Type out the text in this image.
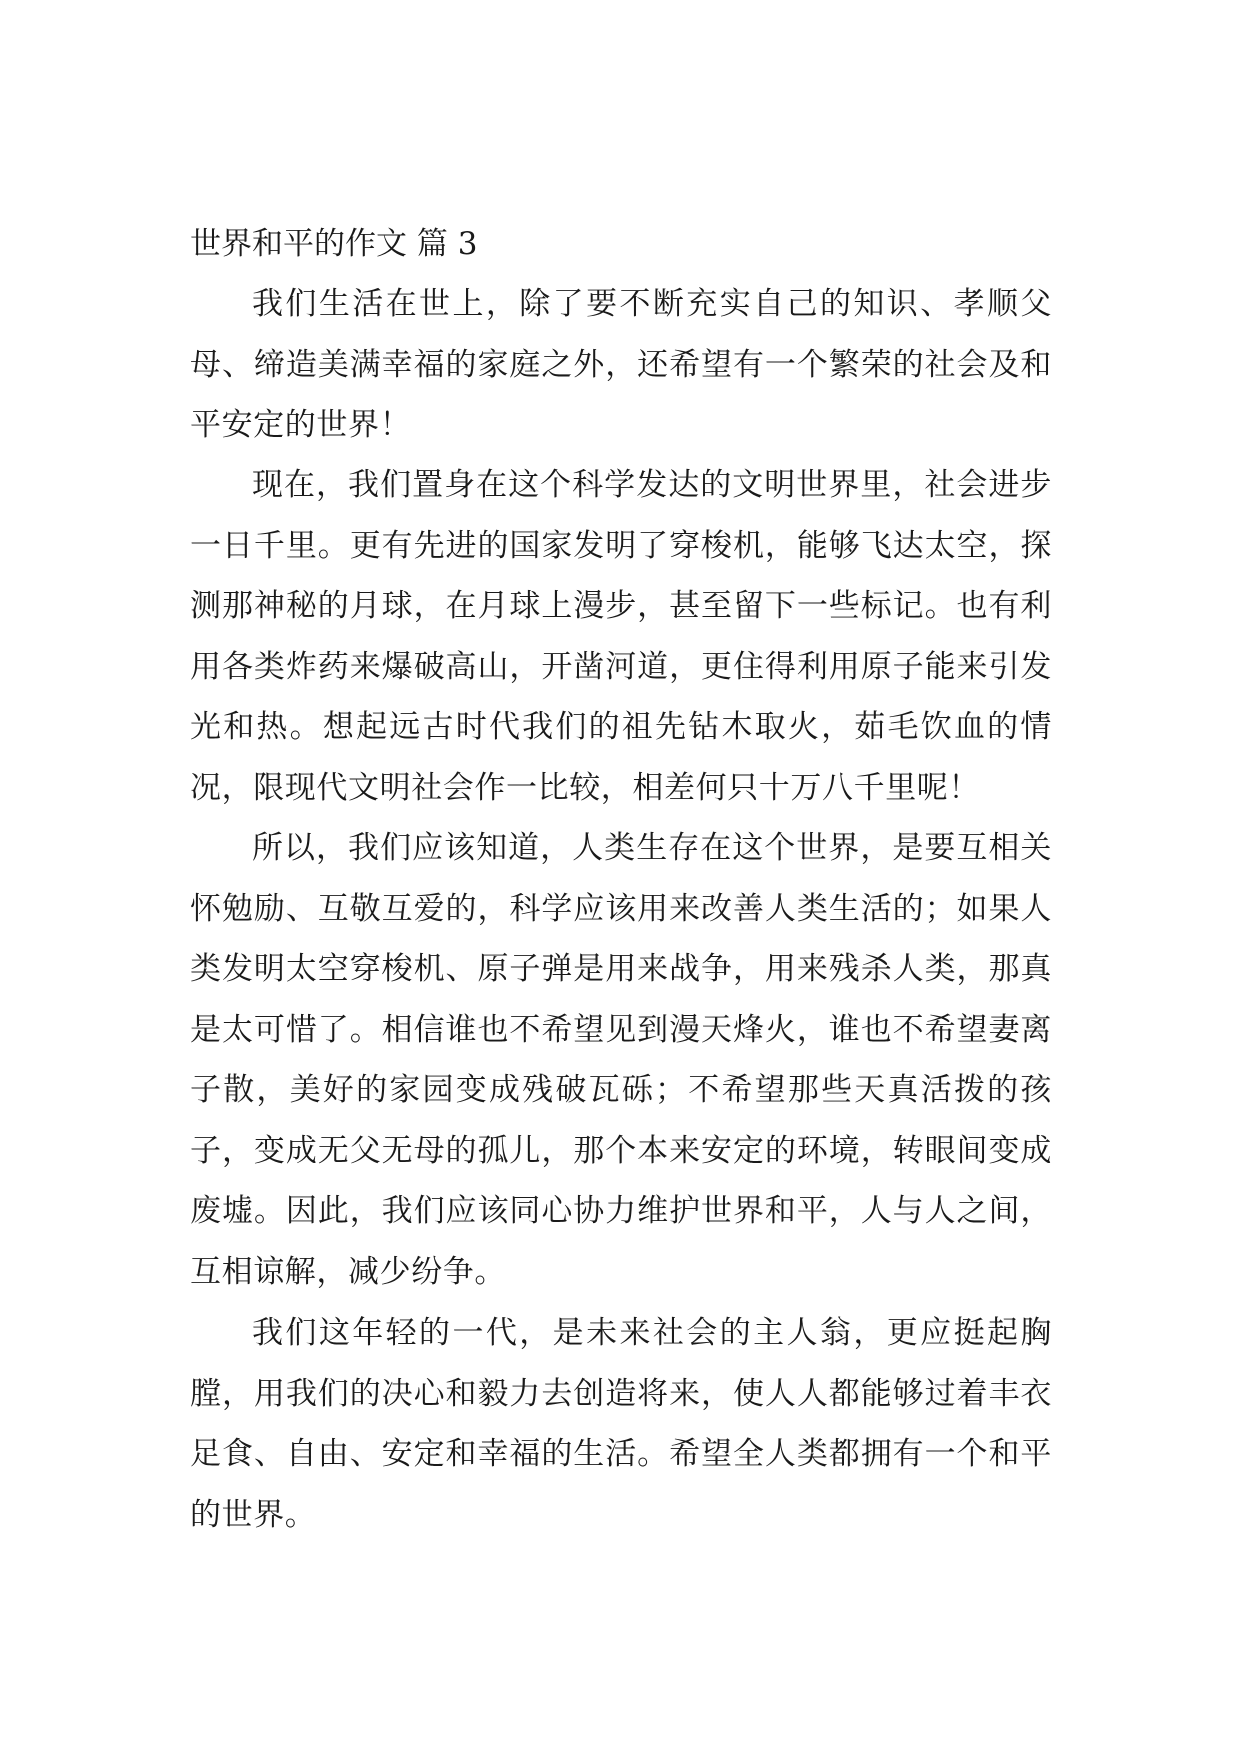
世界和平的作文 篇 3

我们生活在世上，除了要不断充实自己的知识、孝顺父母、缔造美满幸福的家庭之外，还希望有一个繁荣的社会及和平安定的世界！

现在，我们置身在这个科学发达的文明世界里，社会进步一日千里。更有先进的国家发明了穿梭机，能够飞达太空，探测那神秘的月球，在月球上漫步，甚至留下一些标记。也有利用各类炸药来爆破高山，开凿河道，更住得利用原子能来引发光和热。想起远古时代我们的祖先钻木取火，茹毛饮血的情况，限现代文明社会作一比较，相差何只十万八千里呢！

所以，我们应该知道，人类生存在这个世界，是要互相关怀勉励、互敬互爱的，科学应该用来改善人类生活的；如果人类发明太空穿梭机、原子弹是用来战争，用来残杀人类，那真是太可惜了。相信谁也不希望见到漫天烽火，谁也不希望妻离子散，美好的家园变成残破瓦砾；不希望那些天真活拨的孩子，变成无父无母的孤儿，那个本来安定的环境，转眼间变成废墟。因此，我们应该同心协力维护世界和平，人与人之间，互相谅解，减少纷争。

我们这年轻的一代，是未来社会的主人翁，更应挺起胸膛，用我们的决心和毅力去创造将来，使人人都能够过着丰衣足食、自由、安定和幸福的生活。希望全人类都拥有一个和平的世界。
